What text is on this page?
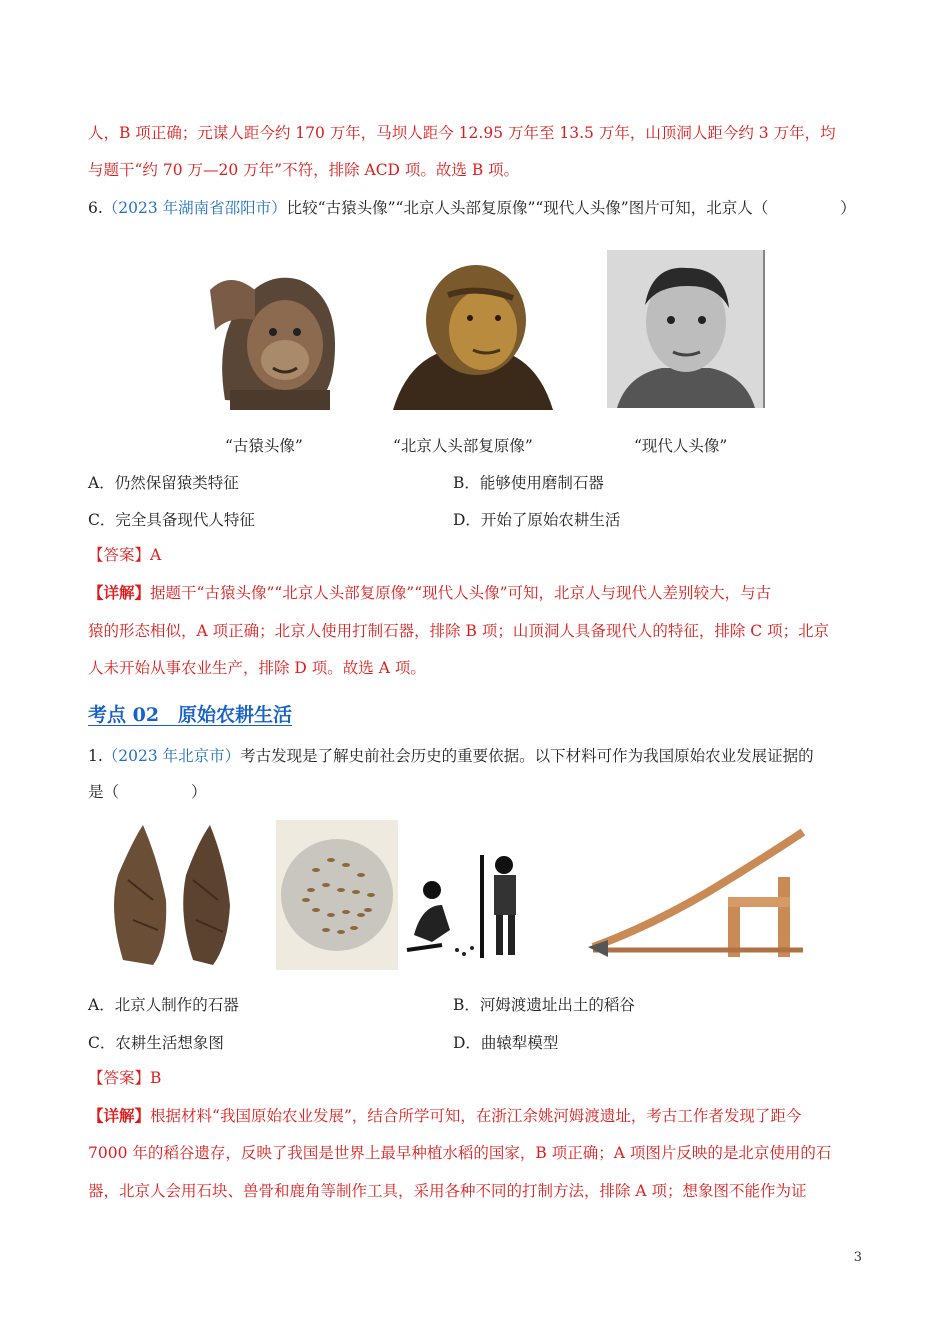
人，B 项正确；元谋人距今约 170 万年，马坝人距今 12.95 万年至 13.5 万年，山顶洞人距今约 3 万年，均
与题干“约 70 万—20 万年”不符，排除 ACD 项。故选 B 项。
6.（2023 年湖南省邵阳市）比较“古猿头像”“北京人头部复原像”“现代人头像”图片可知，北京人（	）
“古猿头像”	“北京人头部复原像”	“现代人头像”
A．仍然保留猿类特征	B．能够使用磨制石器
C．完全具备现代人特征	D．开始了原始农耕生活
【答案】A
【详解】据题干“古猿头像”“北京人头部复原像”“现代人头像”可知，北京人与现代人差别较大，与古
猿的形态相似，A 项正确；北京人使用打制石器，排除 B 项；山顶洞人具备现代人的特征，排除 C 项；北京
人未开始从事农业生产，排除 D 项。故选 A 项。
考点 02　原始农耕生活
1.（2023 年北京市）考古发现是了解史前社会历史的重要依据。以下材料可作为我国原始农业发展证据的
是（	）
A．北京人制作的石器	B．河姆渡遗址出土的稻谷
C．农耕生活想象图	D．曲辕犁模型
【答案】B
【详解】根据材料“我国原始农业发展”，结合所学可知，在浙江余姚河姆渡遗址，考古工作者发现了距今
7000 年的稻谷遗存，反映了我国是世界上最早种植水稻的国家，B 项正确；A 项图片反映的是北京使用的石
器，北京人会用石块、兽骨和鹿角等制作工具，采用各种不同的打制方法，排除 A 项；想象图不能作为证
3
